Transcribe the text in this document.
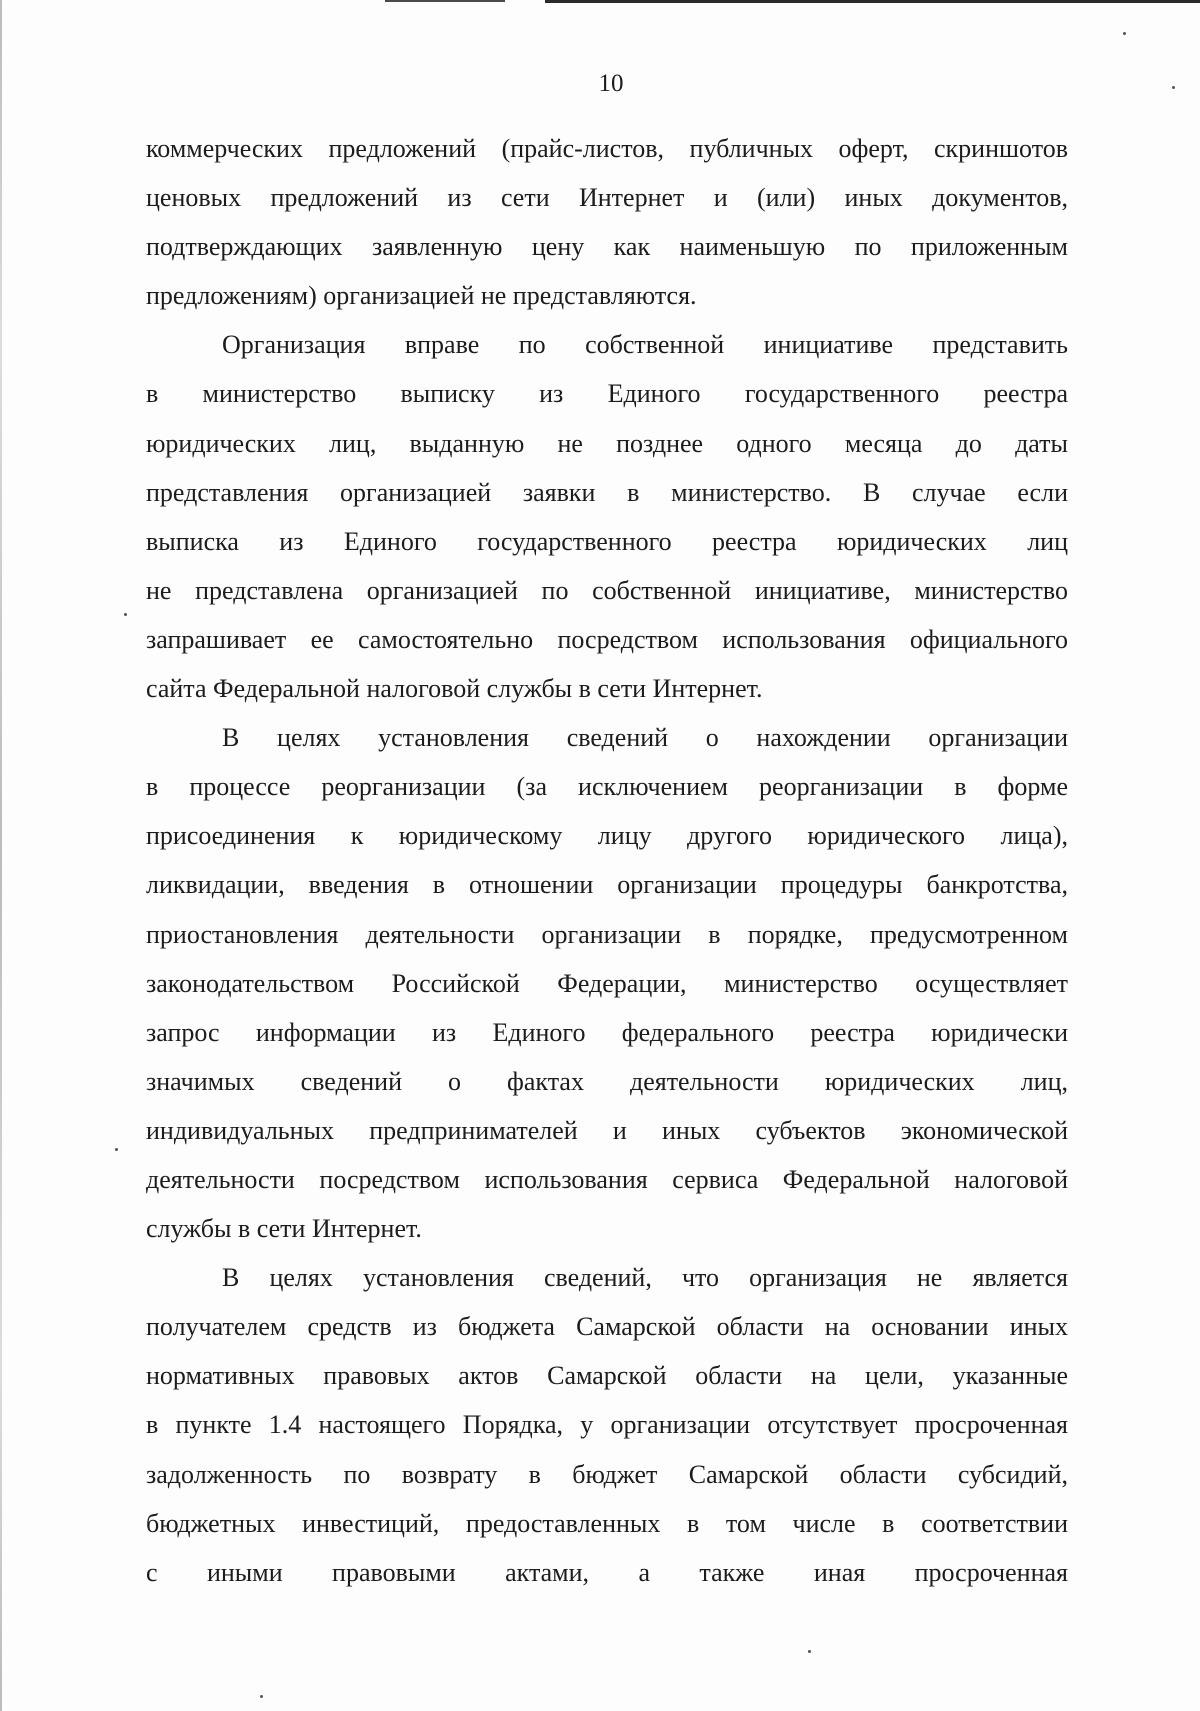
10
коммерческих предложений (прайс-листов, публичных оферт, скриншотов
ценовых предложений из сети Интернет и (или) иных документов,
подтверждающих заявленную цену как наименьшую по приложенным
предложениям) организацией не представляются.
Организация вправе по собственной инициативе представить
в министерство выписку из Единого государственного реестра
юридических лиц, выданную не позднее одного месяца до даты
представления организацией заявки в министерство. В случае если
выписка из Единого государственного реестра юридических лиц
не представлена организацией по собственной инициативе, министерство
запрашивает ее самостоятельно посредством использования официального
сайта Федеральной налоговой службы в сети Интернет.
В целях установления сведений о нахождении организации
в процессе реорганизации (за исключением реорганизации в форме
присоединения к юридическому лицу другого юридического лица),
ликвидации, введения в отношении организации процедуры банкротства,
приостановления деятельности организации в порядке, предусмотренном
законодательством Российской Федерации, министерство осуществляет
запрос информации из Единого федерального реестра юридически
значимых сведений о фактах деятельности юридических лиц,
индивидуальных предпринимателей и иных субъектов экономической
деятельности посредством использования сервиса Федеральной налоговой
службы в сети Интернет.
В целях установления сведений, что организация не является
получателем средств из бюджета Самарской области на основании иных
нормативных правовых актов Самарской области на цели, указанные
в пункте 1.4 настоящего Порядка, у организации отсутствует просроченная
задолженность по возврату в бюджет Самарской области субсидий,
бюджетных инвестиций, предоставленных в том числе в соответствии
с иными правовыми актами, а также иная просроченная
